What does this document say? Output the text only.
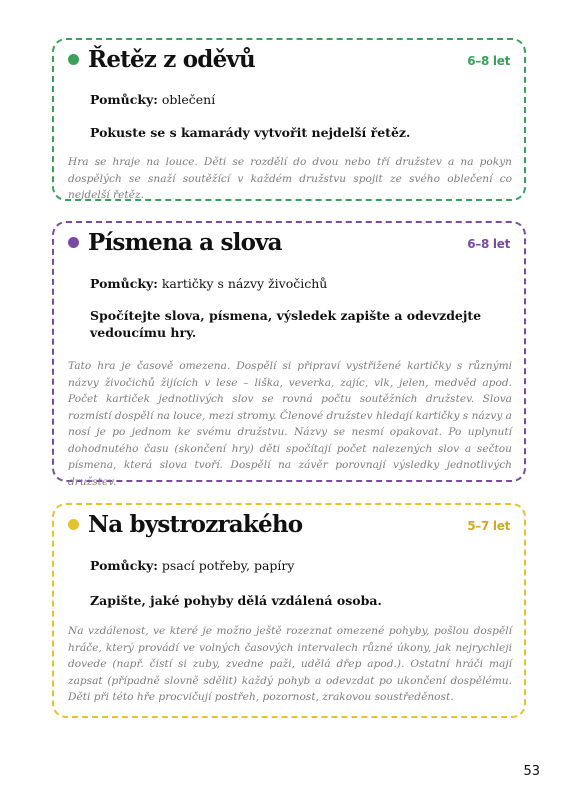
Řetěz z oděvů	6–8 let
Pomůcky: oblečení
Pokuste se s kamarády vytvořit nejdelší řetěz.
Hra se hraje na louce. Děti se rozdělí do dvou nebo tří družstev a na pokyn dospělých se snaží soutěžící v každém družstvu spojit ze svého oblečení co nejdelší řetěz.
Písmena a slova	6–8 let
Pomůcky: kartičky s názvy živočichů
Spočítejte slova, písmena, výsledek zapište a odevzdejte vedoucímu hry.
Tato hra je časově omezena. Dospělí si připraví vystřižené kartičky s různými názvy živočichů žijících v lese – liška, veverka, zajíc, vlk, jelen, medvěd apod. Počet kartiček jednotlivých slov se rovná počtu soutěžních družstev. Slova rozmístí dospělí na louce, mezi stromy. Členové družstev hledají kartičky s názvy a nosí je po jednom ke svému družstvu. Názvy se nesmí opakovat. Po uplynutí dohodnutého času (skončení hry) děti spočítají počet nalezených slov a sečtou písmena, která slova tvoří. Dospělí na závěr porovnají výsledky jednotlivých družstev.
Na bystrozrakého	5–7 let
Pomůcky: psací potřeby, papíry
Zapište, jaké pohyby dělá vzdálená osoba.
Na vzdálenost, ve které je možno ještě rozeznat omezené pohyby, pošlou dospělí hráče, který provádí ve volných časových intervalech různé úkony, jak nejrychleji dovede (např. čistí si zuby, zvedne paži, udělá dřep apod.). Ostatní hráči mají zapsat (případně slovně sdělit) každý pohyb a odevzdat po ukončení dospělému. Děti při této hře procvičují postřeh, pozornost, zrakovou soustředěnost.
53
